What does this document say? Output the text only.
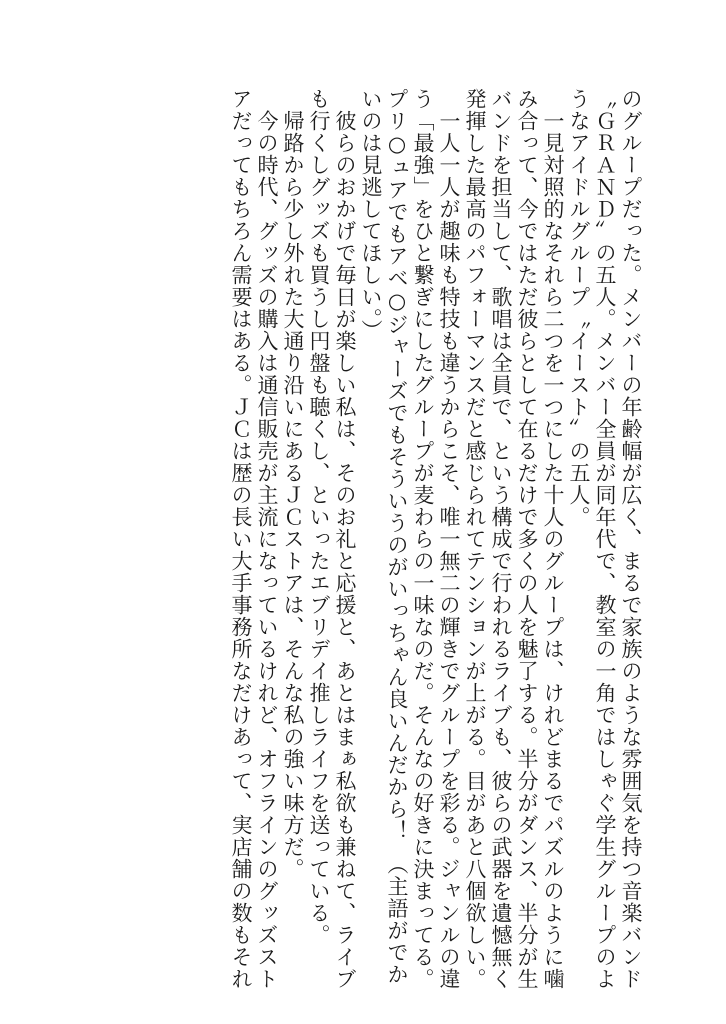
のグループだった。メンバーの年齢幅が広く、まるで家族のような雰囲気を持つ音楽バンド
〝ＧＲＡＮＤ〟の五人。メンバー全員が同年代で、教室の一角ではしゃぐ学生グループのよ
うなアイドルグループ〝イースト〟の五人。
　一見対照的なそれら二つを一つにした十人のグループは、けれどまるでパズルのように噛
み合って、今ではただ彼らとして在るだけで多くの人を魅了する。半分がダンス、半分が生
バンドを担当して、歌唱は全員で、という構成で行われるライブも、彼らの武器を遺憾無く
発揮した最高のパフォーマンスだと感じられてテンションが上がる。目があと八個欲しい。
　一人一人が趣味も特技も違うからこそ、唯一無二の輝きでグループを彩る。ジャンルの違
う「最強」をひと繋ぎにしたグループが麦わらの一味なのだ。そんなの好きに決まってる。
プリ○ュアでもアベ○ジャーズでもそういうのがいっちゃん良いんだから！　（主語がでか
いのは見逃してほしい。）
　彼らのおかげで毎日が楽しい私は、そのお礼と応援と、あとはまぁ私欲も兼ねて、ライブ
も行くしグッズも買うし円盤も聴くし、といったエブリデイ推しライフを送っている。
　帰路から少し外れた大通り沿いにあるＪＣストアは、そんな私の強い味方だ。
　今の時代、グッズの購入は通信販売が主流になっているけれど、オフラインのグッズスト
アだってもちろん需要はある。ＪＣは歴の長い大手事務所なだけあって、実店舗の数もそれ
